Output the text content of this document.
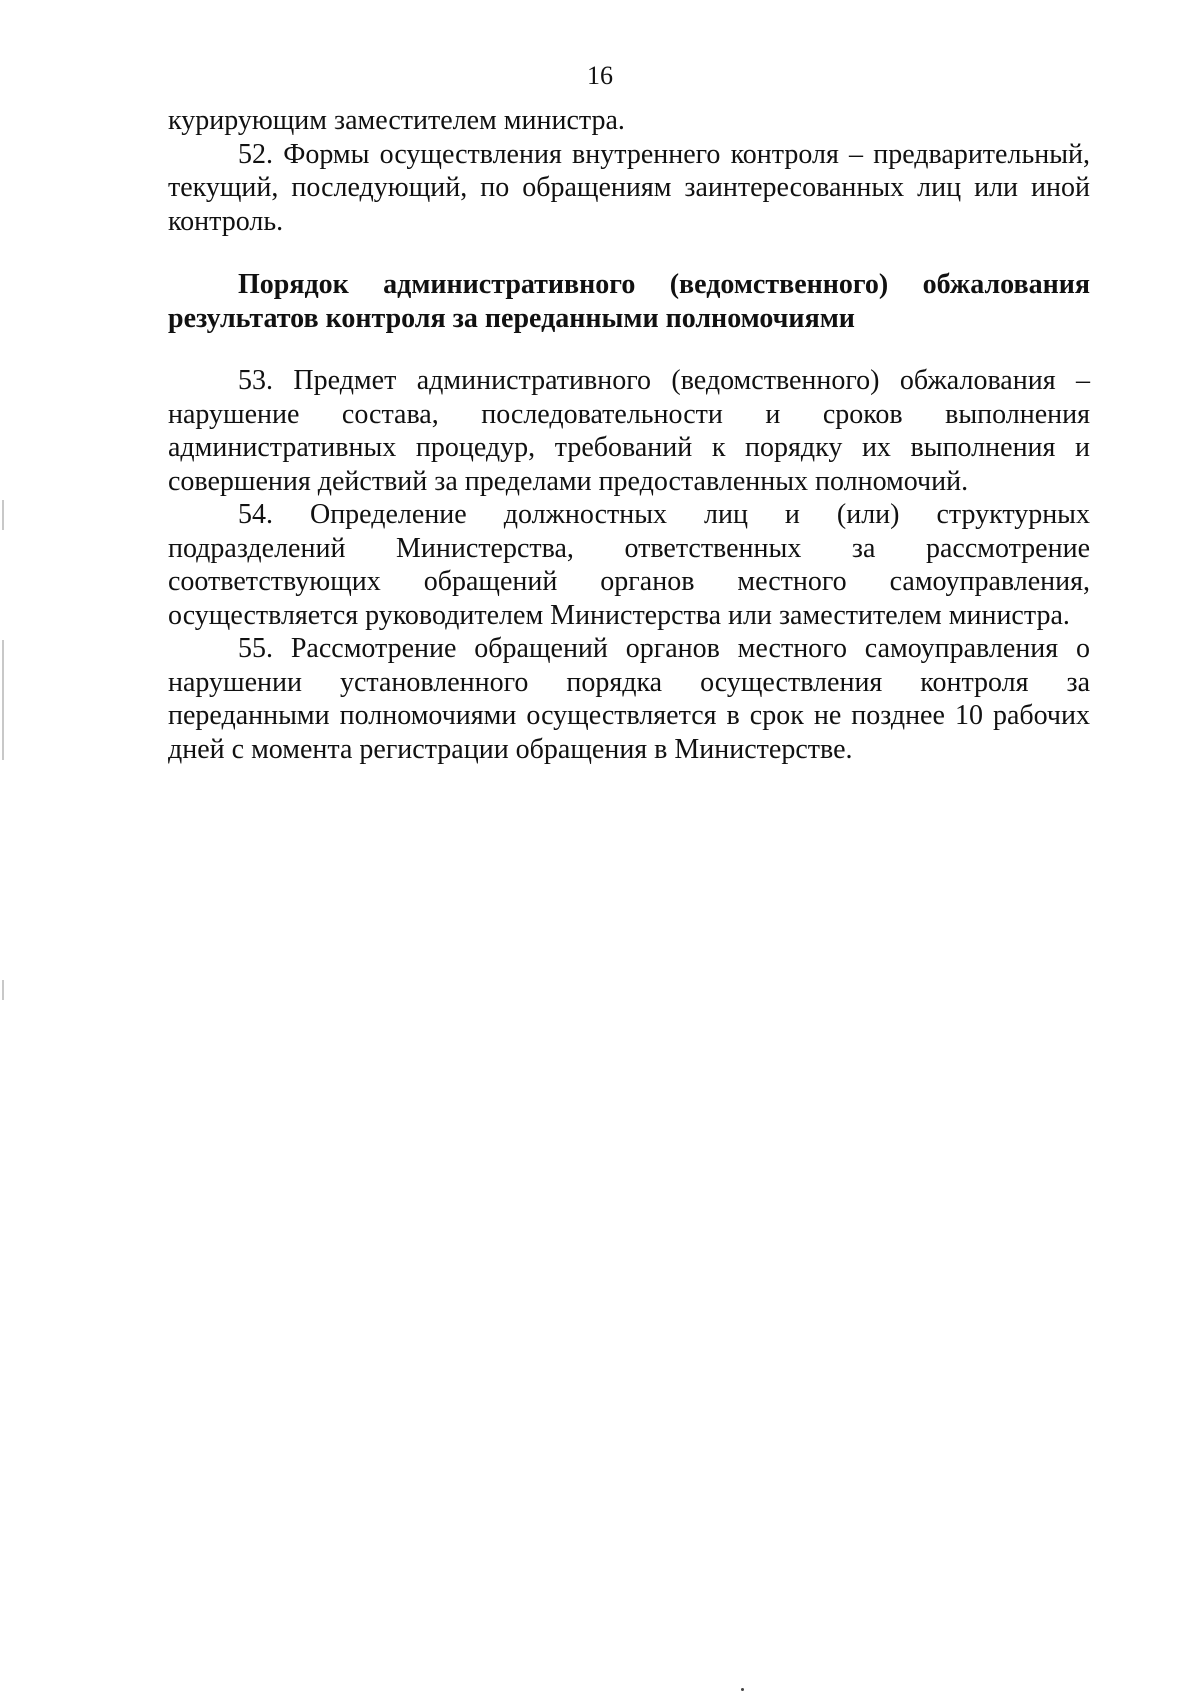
16

курирующим заместителем министра.

52. Формы осуществления внутреннего контроля – предварительный, текущий, последующий, по обращениям заинтересованных лиц или иной контроль.

Порядок административного (ведомственного) обжалования результатов контроля за переданными полномочиями

53. Предмет административного (ведомственного) обжалования – нарушение состава, последовательности и сроков выполнения административных процедур, требований к порядку их выполнения и совершения действий за пределами предоставленных полномочий.

54. Определение должностных лиц и (или) структурных подразделений Министерства, ответственных за рассмотрение соответствующих обращений органов местного самоуправления, осуществляется руководителем Министерства или заместителем министра.

55. Рассмотрение обращений органов местного самоуправления о нарушении установленного порядка осуществления контроля за переданными полномочиями осуществляется в срок не позднее 10 рабочих дней с момента регистрации обращения в Министерстве.
